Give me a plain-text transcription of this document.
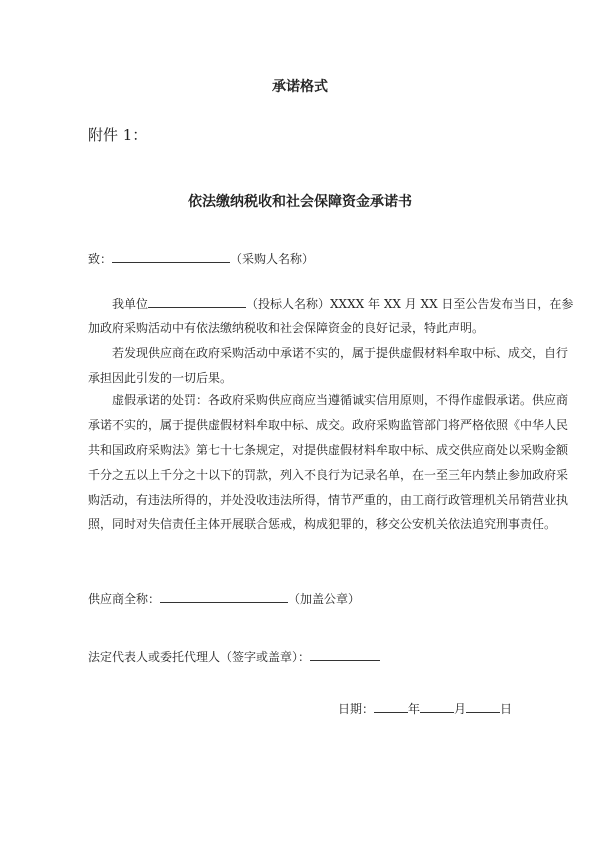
承诺格式
附件 1：
依法缴纳税收和社会保障资金承诺书
致：	（采购人名称）
我单位	（投标人名称）XXXX 年 XX 月 XX 日至公告发布当日，在参
加政府采购活动中有依法缴纳税收和社会保障资金的良好记录，特此声明。
若发现供应商在政府采购活动中承诺不实的，属于提供虚假材料牟取中标、成交，自行
承担因此引发的一切后果。
虚假承诺的处罚：各政府采购供应商应当遵循诚实信用原则，不得作虚假承诺。供应商
承诺不实的，属于提供虚假材料牟取中标、成交。政府采购监管部门将严格依照《中华人民
共和国政府采购法》第七十七条规定，对提供虚假材料牟取中标、成交供应商处以采购金额
千分之五以上千分之十以下的罚款，列入不良行为记录名单，在一至三年内禁止参加政府采
购活动，有违法所得的，并处没收违法所得，情节严重的，由工商行政管理机关吊销营业执
照，同时对失信责任主体开展联合惩戒，构成犯罪的，移交公安机关依法追究刑事责任。
供应商全称：	（加盖公章）
法定代表人或委托代理人（签字或盖章）：
日期：	年	月	日
